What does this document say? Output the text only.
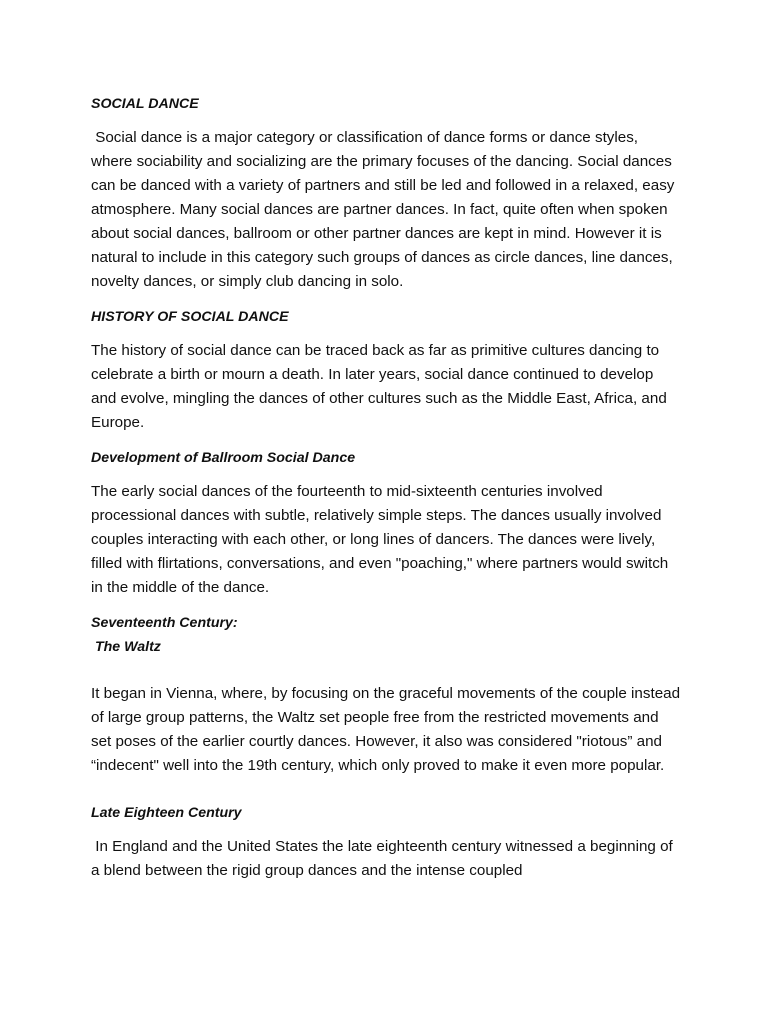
SOCIAL DANCE

Social dance is a major category or classification of dance forms or dance styles, where sociability and socializing are the primary focuses of the dancing. Social dances can be danced with a variety of partners and still be led and followed in a relaxed, easy atmosphere. Many social dances are partner dances. In fact, quite often when spoken about social dances, ballroom or other partner dances are kept in mind. However it is natural to include in this category such groups of dances as circle dances, line dances, novelty dances, or simply club dancing in solo.

HISTORY OF SOCIAL DANCE

The history of social dance can be traced back as far as primitive cultures dancing to celebrate a birth or mourn a death. In later years, social dance continued to develop and evolve, mingling the dances of other cultures such as the Middle East, Africa, and Europe.

Development of Ballroom Social Dance

The early social dances of the fourteenth to mid-sixteenth centuries involved processional dances with subtle, relatively simple steps. The dances usually involved couples interacting with each other, or long lines of dancers. The dances were lively, filled with flirtations, conversations, and even "poaching," where partners would switch in the middle of the dance.

Seventeenth Century:

The Waltz

It began in Vienna, where, by focusing on the graceful movements of the couple instead of large group patterns, the Waltz set people free from the restricted movements and set poses of the earlier courtly dances. However, it also was considered "riotous” and “indecent" well into the 19th century, which only proved to make it even more popular.

Late Eighteen Century

In England and the United States the late eighteenth century witnessed a beginning of a blend between the rigid group dances and the intense coupled
